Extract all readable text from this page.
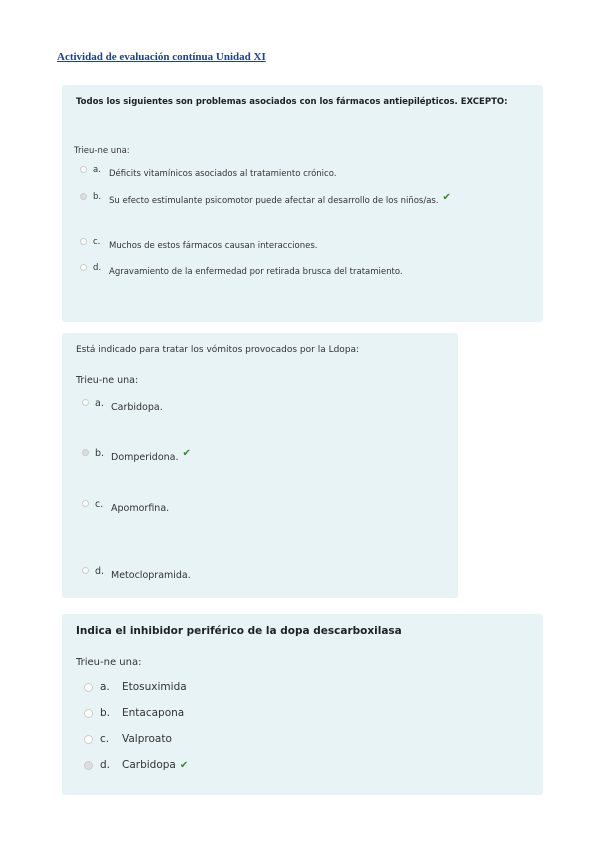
Actividad de evaluación contínua Unidad XI
Todos los siguientes son problemas asociados con los fármacos antiepilépticos. EXCEPTO:
Trieu-ne una:
a. Déficits vitamínicos asociados al tratamiento crónico.
b. Su efecto estimulante psicomotor puede afectar al desarrollo de los niños/as. ✔
c.	Muchos de estos fármacos causan interacciones.
d. Agravamiento de la enfermedad por retirada brusca del tratamiento.
Está indicado para tratar los vómitos provocados por la Ldopa:
Trieu-ne una:
a. Carbidopa.
b. Domperidona. ✔
c. Apomorfina.
d. Metoclopramida.
Indica el inhibidor periférico de la dopa descarboxilasa
Trieu-ne una:
a.	Etosuximida
b.	Entacapona
c.	Valproato
d.	Carbidopa ✔
